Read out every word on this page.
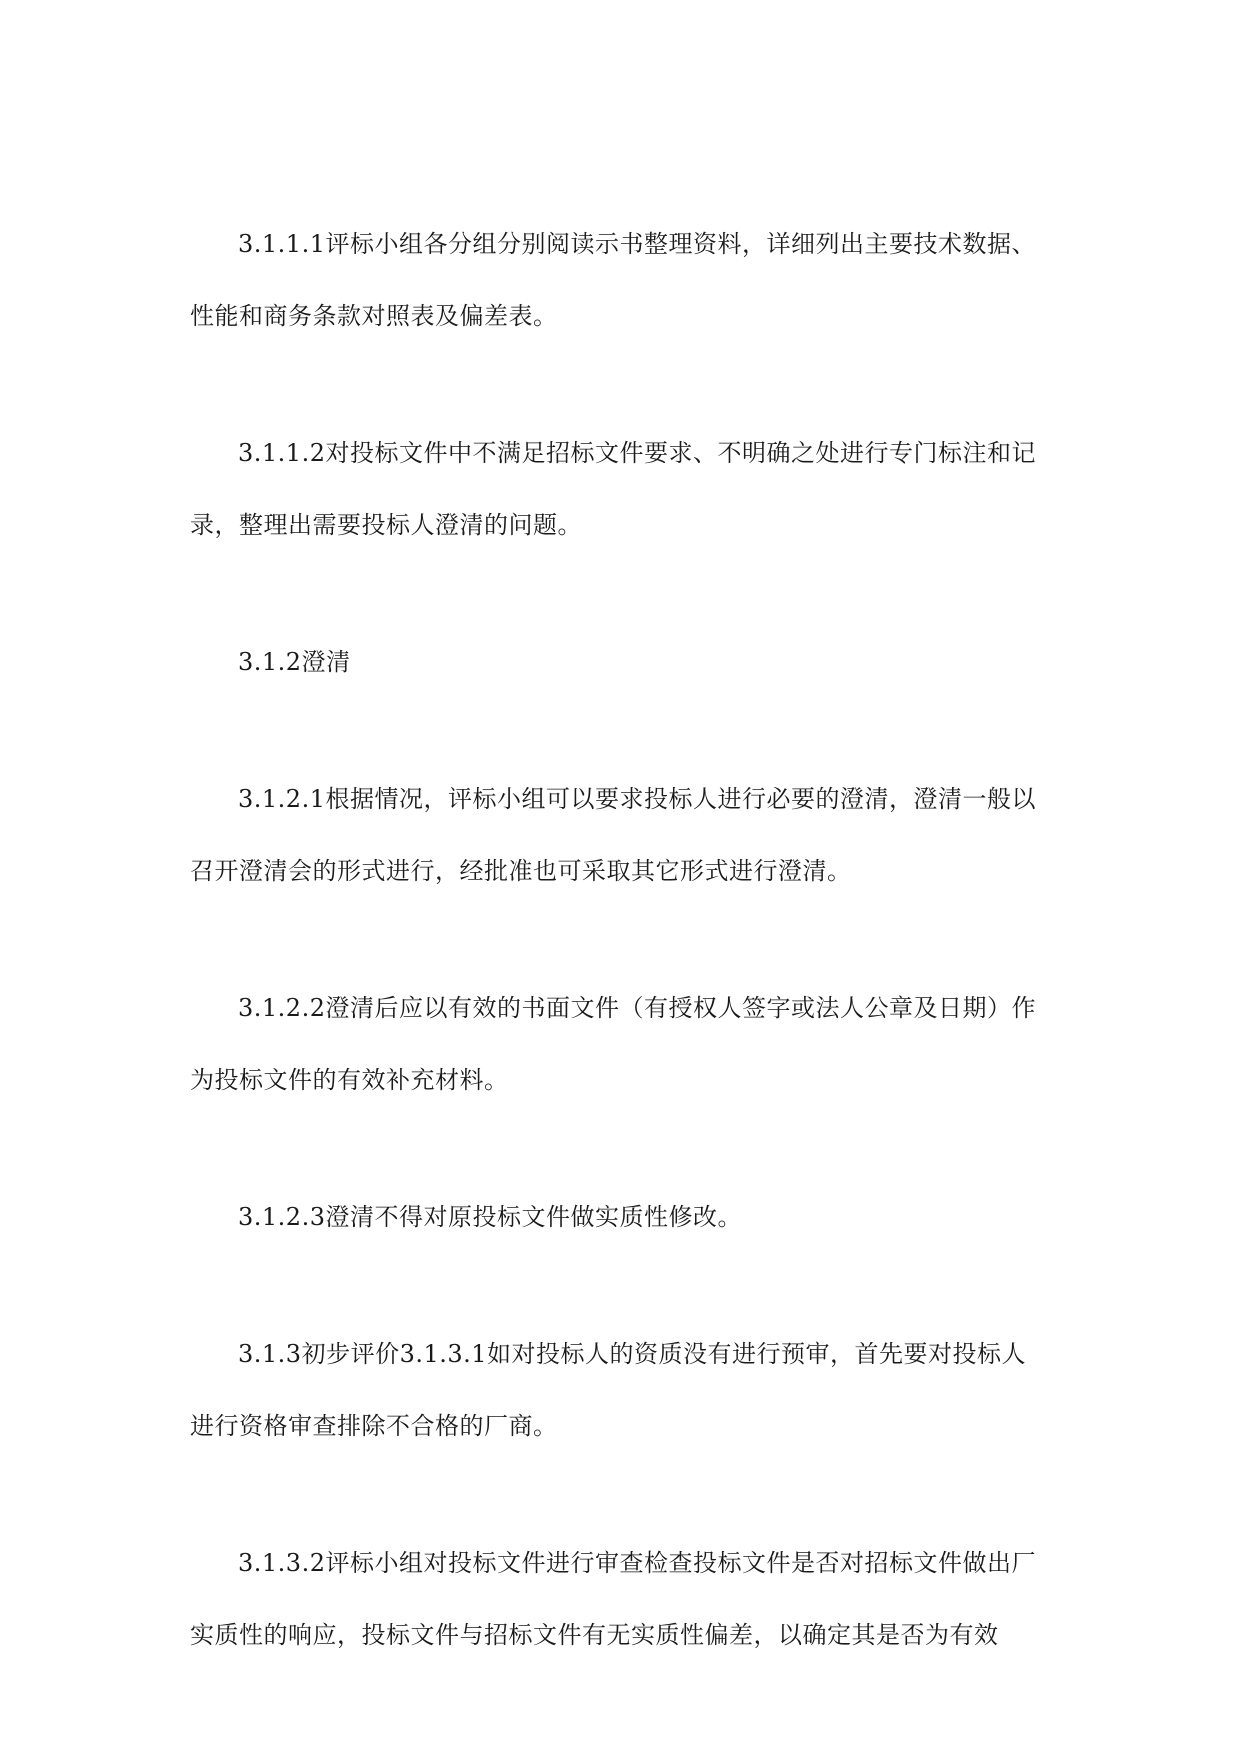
3.1.1.1评标小组各分组分别阅读示书整理资料，详细列出主要技术数据、性能和商务条款对照表及偏差表。

3.1.1.2对投标文件中不满足招标文件要求、不明确之处进行专门标注和记录，整理出需要投标人澄清的问题。

3.1.2澄清

3.1.2.1根据情况，评标小组可以要求投标人进行必要的澄清，澄清一般以召开澄清会的形式进行，经批准也可采取其它形式进行澄清。

3.1.2.2澄清后应以有效的书面文件（有授权人签字或法人公章及日期）作为投标文件的有效补充材料。

3.1.2.3澄清不得对原投标文件做实质性修改。

3.1.3初步评价3.1.3.1如对投标人的资质没有进行预审，首先要对投标人进行资格审查排除不合格的厂商。

3.1.3.2评标小组对投标文件进行审查检查投标文件是否对招标文件做出厂实质性的响应，投标文件与招标文件有无实质性偏差，以确定其是否为有效
